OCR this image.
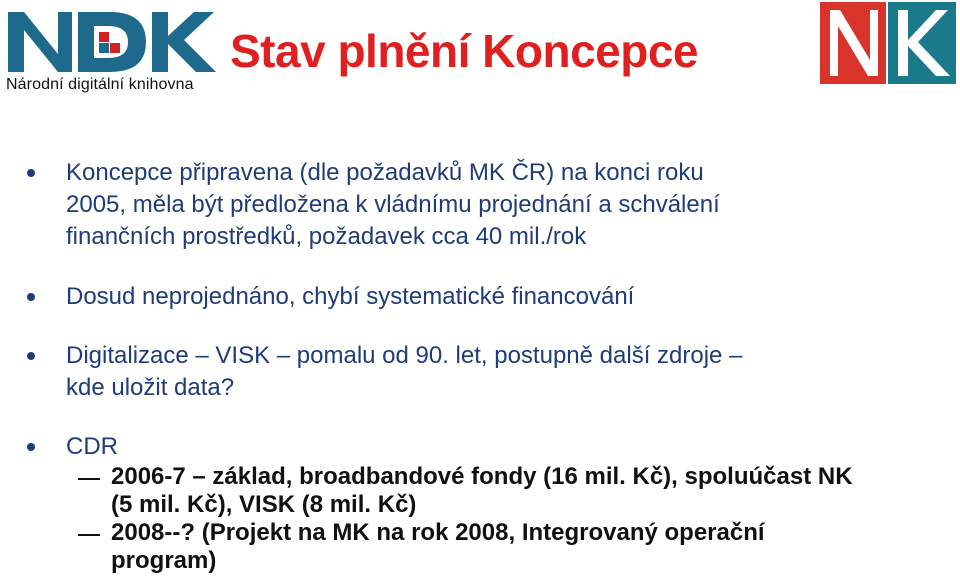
Národní digitální knihovna
Stav plnění Koncepce
Koncepce připravena (dle požadavků MK ČR) na konci roku
2005, měla být předložena k vládnímu projednání a schválení
finančních prostředků, požadavek cca 40 mil./rok
Dosud neprojednáno, chybí systematické financování
Digitalizace – VISK – pomalu od 90. let, postupně další zdroje –
kde uložit data?
CDR
2006-7 – základ, broadbandové fondy (16 mil. Kč), spoluúčast NK
(5 mil. Kč), VISK (8 mil. Kč)
2008--? (Projekt na MK na rok 2008, Integrovaný operační
program)
